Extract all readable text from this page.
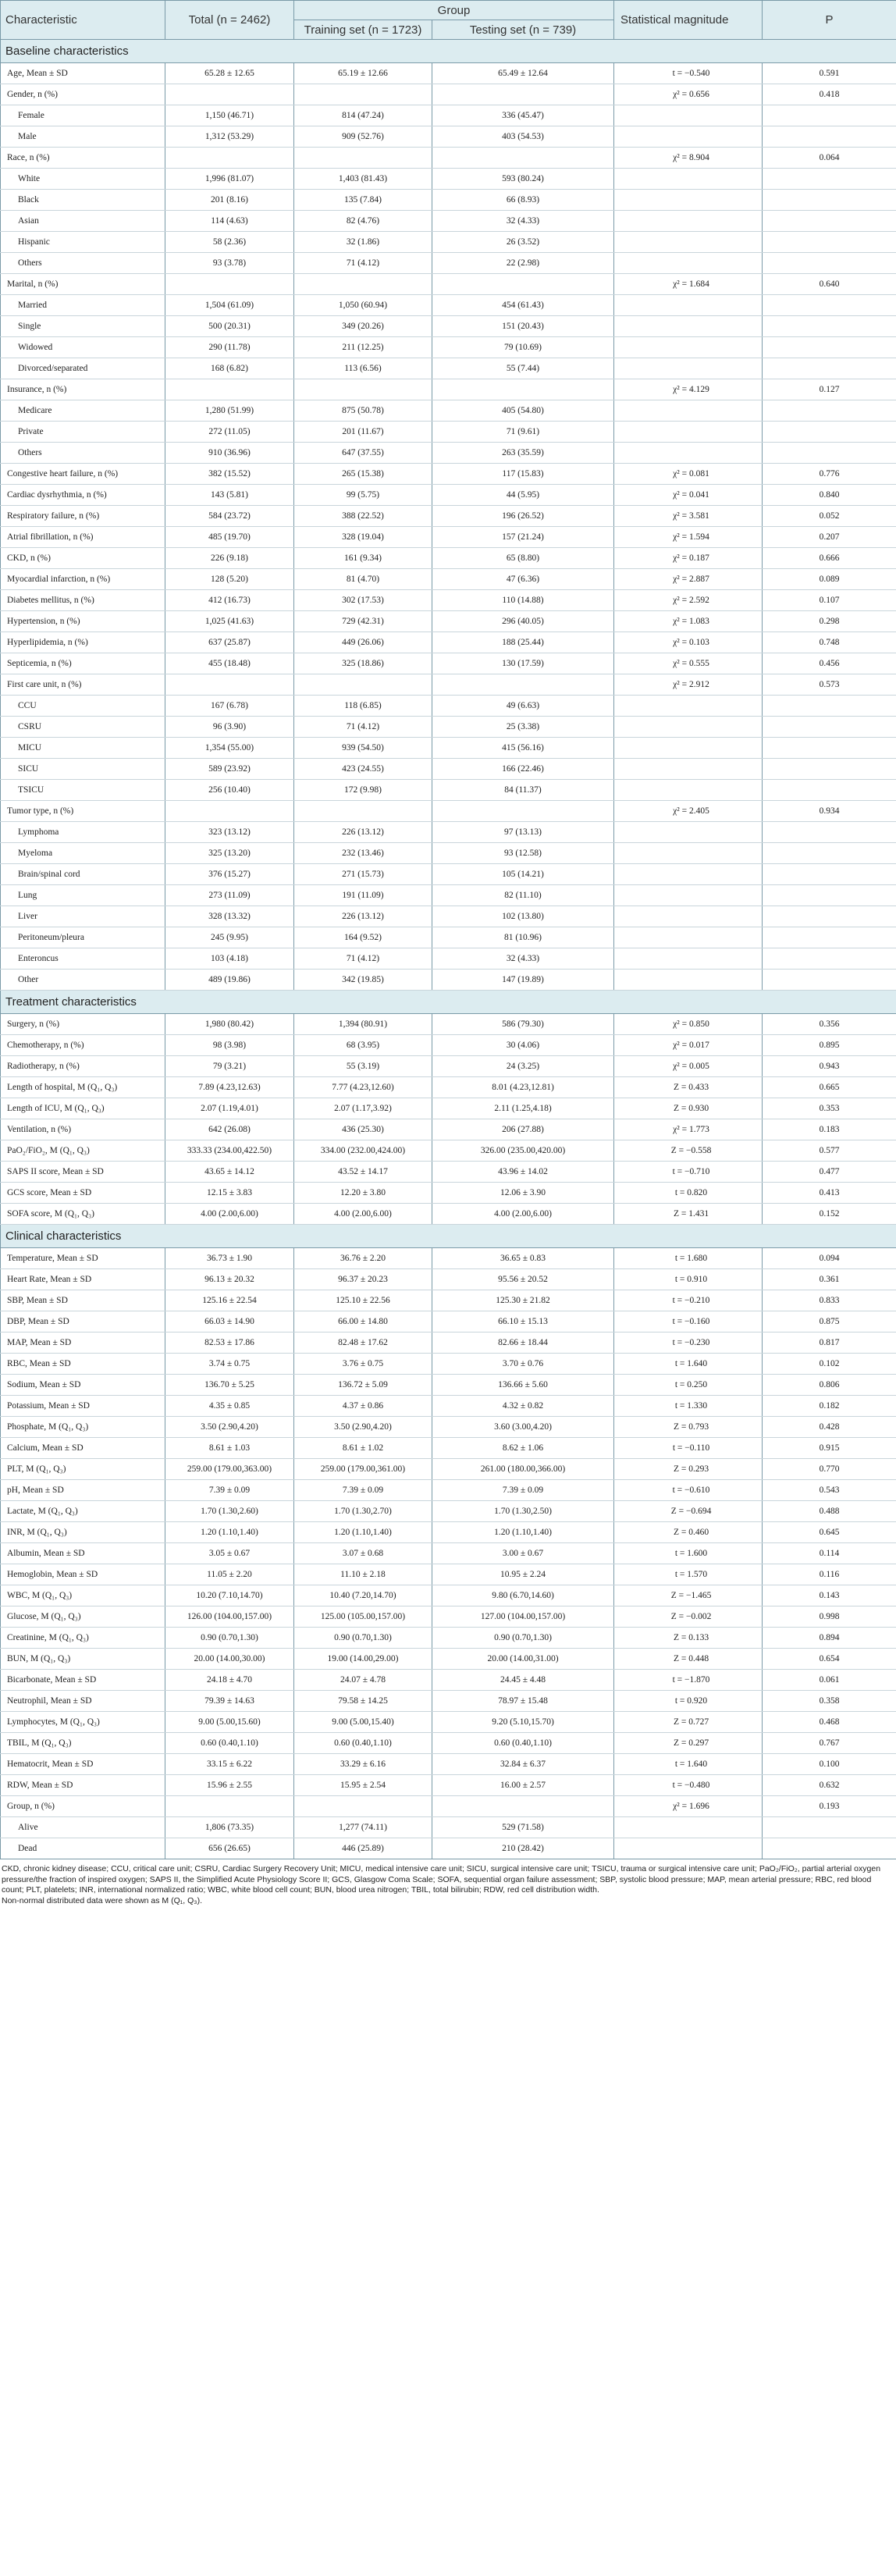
Characteristic	Total (n = 2462)	Group		Statistical magnitude	P
		Training set (n = 1723)	Testing set (n = 739)		
Baseline characteristics					
Age, Mean ± SD	65.28 ± 12.65	65.19 ± 12.66	65.49 ± 12.64	t = −0.540	0.591
Gender, n (%)				χ² = 0.656	0.418
Female	1,150 (46.71)	814 (47.24)	336 (45.47)		
Male	1,312 (53.29)	909 (52.76)	403 (54.53)		
Race, n (%)				χ² = 8.904	0.064
White	1,996 (81.07)	1,403 (81.43)	593 (80.24)		
Black	201 (8.16)	135 (7.84)	66 (8.93)		
Asian	114 (4.63)	82 (4.76)	32 (4.33)		
Hispanic	58 (2.36)	32 (1.86)	26 (3.52)		
Others	93 (3.78)	71 (4.12)	22 (2.98)		
Marital, n (%)				χ² = 1.684	0.640
Married	1,504 (61.09)	1,050 (60.94)	454 (61.43)		
Single	500 (20.31)	349 (20.26)	151 (20.43)		
Widowed	290 (11.78)	211 (12.25)	79 (10.69)		
Divorced/separated	168 (6.82)	113 (6.56)	55 (7.44)		
Insurance, n (%)				χ² = 4.129	0.127
Medicare	1,280 (51.99)	875 (50.78)	405 (54.80)		
Private	272 (11.05)	201 (11.67)	71 (9.61)		
Others	910 (36.96)	647 (37.55)	263 (35.59)		
Congestive heart failure, n (%)	382 (15.52)	265 (15.38)	117 (15.83)	χ² = 0.081	0.776
Cardiac dysrhythmia, n (%)	143 (5.81)	99 (5.75)	44 (5.95)	χ² = 0.041	0.840
Respiratory failure, n (%)	584 (23.72)	388 (22.52)	196 (26.52)	χ² = 3.581	0.052
Atrial fibrillation, n (%)	485 (19.70)	328 (19.04)	157 (21.24)	χ² = 1.594	0.207
CKD, n (%)	226 (9.18)	161 (9.34)	65 (8.80)	χ² = 0.187	0.666
Myocardial infarction, n (%)	128 (5.20)	81 (4.70)	47 (6.36)	χ² = 2.887	0.089
Diabetes mellitus, n (%)	412 (16.73)	302 (17.53)	110 (14.88)	χ² = 2.592	0.107
Hypertension, n (%)	1,025 (41.63)	729 (42.31)	296 (40.05)	χ² = 1.083	0.298
Hyperlipidemia, n (%)	637 (25.87)	449 (26.06)	188 (25.44)	χ² = 0.103	0.748
Septicemia, n (%)	455 (18.48)	325 (18.86)	130 (17.59)	χ² = 0.555	0.456
First care unit, n (%)				χ² = 2.912	0.573
CCU	167 (6.78)	118 (6.85)	49 (6.63)		
CSRU	96 (3.90)	71 (4.12)	25 (3.38)		
MICU	1,354 (55.00)	939 (54.50)	415 (56.16)		
SICU	589 (23.92)	423 (24.55)	166 (22.46)		
TSICU	256 (10.40)	172 (9.98)	84 (11.37)		
Tumor type, n (%)				χ² = 2.405	0.934
Lymphoma	323 (13.12)	226 (13.12)	97 (13.13)		
Myeloma	325 (13.20)	232 (13.46)	93 (12.58)		
Brain/spinal cord	376 (15.27)	271 (15.73)	105 (14.21)		
Lung	273 (11.09)	191 (11.09)	82 (11.10)		
Liver	328 (13.32)	226 (13.12)	102 (13.80)		
Peritoneum/pleura	245 (9.95)	164 (9.52)	81 (10.96)		
Enteroncus	103 (4.18)	71 (4.12)	32 (4.33)		
Other	489 (19.86)	342 (19.85)	147 (19.89)		
Treatment characteristics					
Surgery, n (%)	1,980 (80.42)	1,394 (80.91)	586 (79.30)	χ² = 0.850	0.356
Chemotherapy, n (%)	98 (3.98)	68 (3.95)	30 (4.06)	χ² = 0.017	0.895
Radiotherapy, n (%)	79 (3.21)	55 (3.19)	24 (3.25)	χ² = 0.005	0.943
Length of hospital, M (Q₁, Q₃)	7.89 (4.23,12.63)	7.77 (4.23,12.60)	8.01 (4.23,12.81)	Z = 0.433	0.665
Length of ICU, M (Q₁, Q₃)	2.07 (1.19,4.01)	2.07 (1.17,3.92)	2.11 (1.25,4.18)	Z = 0.930	0.353
Ventilation, n (%)	642 (26.08)	436 (25.30)	206 (27.88)	χ² = 1.773	0.183
PaO₂/FiO₂, M (Q₁, Q₃)	333.33 (234.00,422.50)	334.00 (232.00,424.00)	326.00 (235.00,420.00)	Z = −0.558	0.577
SAPS II score, Mean ± SD	43.65 ± 14.12	43.52 ± 14.17	43.96 ± 14.02	t = −0.710	0.477
GCS score, Mean ± SD	12.15 ± 3.83	12.20 ± 3.80	12.06 ± 3.90	t = 0.820	0.413
SOFA score, M (Q₁, Q₃)	4.00 (2.00,6.00)	4.00 (2.00,6.00)	4.00 (2.00,6.00)	Z = 1.431	0.152
Clinical characteristics					
Temperature, Mean ± SD	36.73 ± 1.90	36.76 ± 2.20	36.65 ± 0.83	t = 1.680	0.094
Heart Rate, Mean ± SD	96.13 ± 20.32	96.37 ± 20.23	95.56 ± 20.52	t = 0.910	0.361
SBP, Mean ± SD	125.16 ± 22.54	125.10 ± 22.56	125.30 ± 21.82	t = −0.210	0.833
DBP, Mean ± SD	66.03 ± 14.90	66.00 ± 14.80	66.10 ± 15.13	t = −0.160	0.875
MAP, Mean ± SD	82.53 ± 17.86	82.48 ± 17.62	82.66 ± 18.44	t = −0.230	0.817
RBC, Mean ± SD	3.74 ± 0.75	3.76 ± 0.75	3.70 ± 0.76	t = 1.640	0.102
Sodium, Mean ± SD	136.70 ± 5.25	136.72 ± 5.09	136.66 ± 5.60	t = 0.250	0.806
Potassium, Mean ± SD	4.35 ± 0.85	4.37 ± 0.86	4.32 ± 0.82	t = 1.330	0.182
Phosphate, M (Q₁, Q₃)	3.50 (2.90,4.20)	3.50 (2.90,4.20)	3.60 (3.00,4.20)	Z = 0.793	0.428
Calcium, Mean ± SD	8.61 ± 1.03	8.61 ± 1.02	8.62 ± 1.06	t = −0.110	0.915
PLT, M (Q₁, Q₃)	259.00 (179.00,363.00)	259.00 (179.00,361.00)	261.00 (180.00,366.00)	Z = 0.293	0.770
pH, Mean ± SD	7.39 ± 0.09	7.39 ± 0.09	7.39 ± 0.09	t = −0.610	0.543
Lactate, M (Q₁, Q₃)	1.70 (1.30,2.60)	1.70 (1.30,2.70)	1.70 (1.30,2.50)	Z = −0.694	0.488
INR, M (Q₁, Q₃)	1.20 (1.10,1.40)	1.20 (1.10,1.40)	1.20 (1.10,1.40)	Z = 0.460	0.645
Albumin, Mean ± SD	3.05 ± 0.67	3.07 ± 0.68	3.00 ± 0.67	t = 1.600	0.114
Hemoglobin, Mean ± SD	11.05 ± 2.20	11.10 ± 2.18	10.95 ± 2.24	t = 1.570	0.116
WBC, M (Q₁, Q₃)	10.20 (7.10,14.70)	10.40 (7.20,14.70)	9.80 (6.70,14.60)	Z = −1.465	0.143
Glucose, M (Q₁, Q₃)	126.00 (104.00,157.00)	125.00 (105.00,157.00)	127.00 (104.00,157.00)	Z = −0.002	0.998
Creatinine, M (Q₁, Q₃)	0.90 (0.70,1.30)	0.90 (0.70,1.30)	0.90 (0.70,1.30)	Z = 0.133	0.894
BUN, M (Q₁, Q₃)	20.00 (14.00,30.00)	19.00 (14.00,29.00)	20.00 (14.00,31.00)	Z = 0.448	0.654
Bicarbonate, Mean ± SD	24.18 ± 4.70	24.07 ± 4.78	24.45 ± 4.48	t = −1.870	0.061
Neutrophil, Mean ± SD	79.39 ± 14.63	79.58 ± 14.25	78.97 ± 15.48	t = 0.920	0.358
Lymphocytes, M (Q₁, Q₃)	9.00 (5.00,15.60)	9.00 (5.00,15.40)	9.20 (5.10,15.70)	Z = 0.727	0.468
TBIL, M (Q₁, Q₃)	0.60 (0.40,1.10)	0.60 (0.40,1.10)	0.60 (0.40,1.10)	Z = 0.297	0.767
Hematocrit, Mean ± SD	33.15 ± 6.22	33.29 ± 6.16	32.84 ± 6.37	t = 1.640	0.100
RDW, Mean ± SD	15.96 ± 2.55	15.95 ± 2.54	16.00 ± 2.57	t = −0.480	0.632
Group, n (%)				χ² = 1.696	0.193
Alive	1,806 (73.35)	1,277 (74.11)	529 (71.58)		
Dead	656 (26.65)	446 (25.89)	210 (28.42)		
CKD, chronic kidney disease; CCU, critical care unit; CSRU, Cardiac Surgery Recovery Unit; MICU, medical intensive care unit; SICU, surgical intensive care unit; TSICU, trauma or surgical intensive care unit; PaO₂/FiO₂, partial arterial oxygen pressure/the fraction of inspired oxygen; SAPS II, the Simplified Acute Physiology Score II; GCS, Glasgow Coma Scale; SOFA, sequential organ failure assessment; SBP, systolic blood pressure; MAP, mean arterial pressure; RBC, red blood count; PLT, platelets; INR, international normalized ratio; WBC, white blood cell count; BUN, blood urea nitrogen; TBIL, total bilirubin; RDW, red cell distribution width.
Non-normal distributed data were shown as M (Q₁, Q₃).
